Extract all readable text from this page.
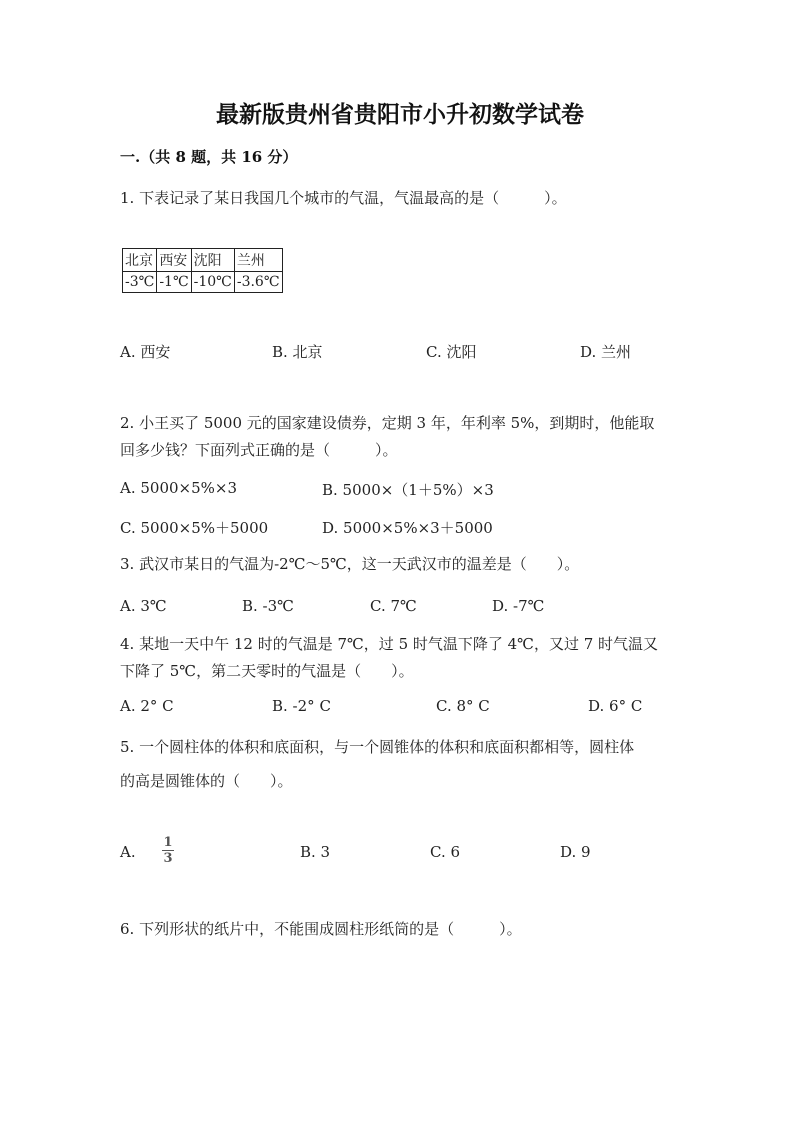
最新版贵州省贵阳市小升初数学试卷
一.（共 8 题，共 16 分）
1. 下表记录了某日我国几个城市的气温，气温最高的是（　　　）。
北京	西安	沈阳	兰州
-3℃	-1℃	-10℃	-3.6℃
A. 西安	B. 北京	C. 沈阳	D. 兰州
2. 小王买了 5000 元的国家建设债券，定期 3 年，年利率 5%，到期时，他能取
回多少钱？下面列式正确的是（　　　）。
A. 5000×5%×3	B. 5000×（1＋5%）×3
C. 5000×5%＋5000	D. 5000×5%×3＋5000
3. 武汉市某日的气温为-2℃～5℃，这一天武汉市的温差是（　　）。
A. 3℃	B. -3℃	C. 7℃	D. -7℃
4. 某地一天中午 12 时的气温是 7℃，过 5 时气温下降了 4℃，又过 7 时气温又
下降了 5℃，第二天零时的气温是（　　）。
A. 2° C	B. -2° C	C. 8° C	D. 6° C
5. 一个圆柱体的体积和底面积，与一个圆锥体的体积和底面积都相等，圆柱体
的高是圆锥体的（　　）。
A.
1
3	B. 3	C. 6	D. 9
6. 下列形状的纸片中，不能围成圆柱形纸筒的是（　　　）。
